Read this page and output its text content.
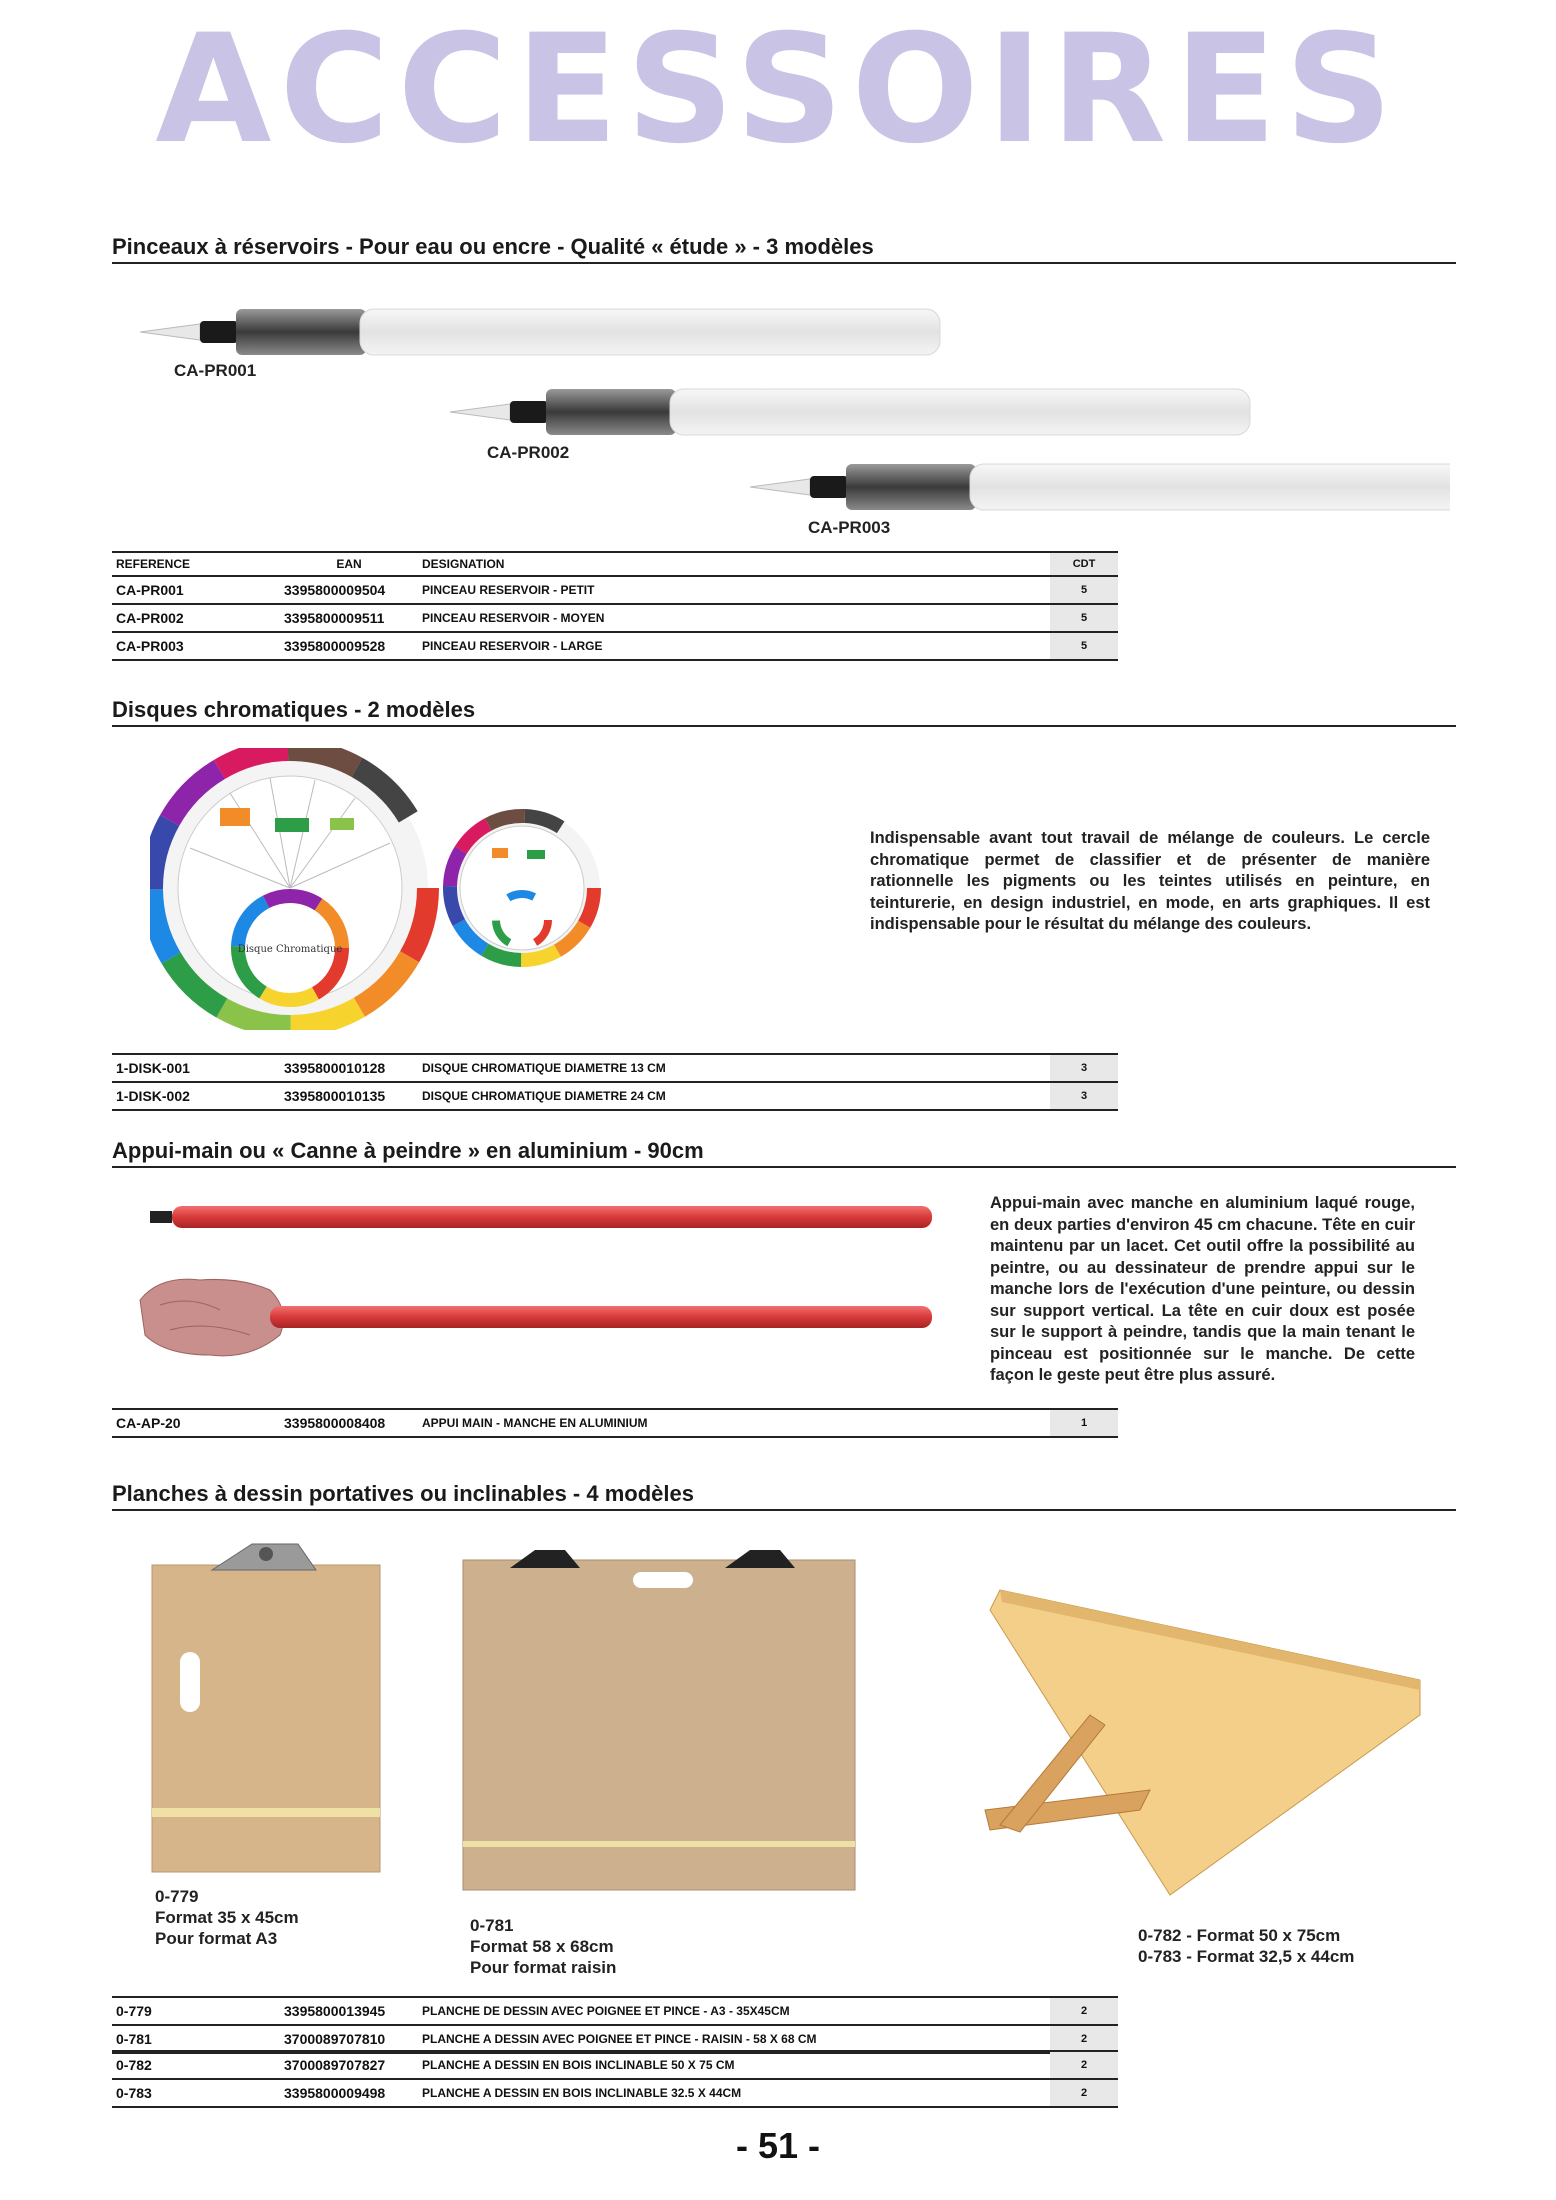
ACCESSOIRES
Pinceaux à réservoirs - Pour eau ou encre - Qualité « étude » - 3 modèles
CA-PR001
CA-PR002
CA-PR003
REFERENCE	EAN	DESIGNATION	CDT
CA-PR001	3395800009504	PINCEAU RESERVOIR - PETIT	5
CA-PR002	3395800009511	PINCEAU RESERVOIR - MOYEN	5
CA-PR003	3395800009528	PINCEAU RESERVOIR - LARGE	5
Disques chromatiques - 2 modèles
Disque Chromatique
Indispensable avant tout travail de mélange de couleurs. Le cercle chromatique permet de classifier et de présenter de manière rationnelle les pigments ou les teintes utilisés en peinture, en teinturerie, en design industriel, en mode, en arts graphiques. Il est indispensable pour le résultat du mélange des couleurs.
1-DISK-001	3395800010128	DISQUE CHROMATIQUE DIAMETRE 13 CM	3
1-DISK-002	3395800010135	DISQUE CHROMATIQUE DIAMETRE 24 CM	3
Appui-main ou « Canne à peindre » en aluminium - 90cm
Appui-main avec manche en aluminium laqué rouge, en deux parties d'environ 45 cm chacune. Tête en cuir maintenu par un lacet. Cet outil offre la possibilité au peintre, ou au dessinateur de prendre appui sur le manche lors de l'exécution d'une peinture, ou dessin sur support vertical. La tête en cuir doux est posée sur le support à peindre, tandis que la main tenant le pinceau est positionnée sur le manche. De cette façon le geste peut être plus assuré.
CA-AP-20	3395800008408	APPUI MAIN - MANCHE EN ALUMINIUM	1
Planches à dessin portatives ou inclinables - 4 modèles
0-779
Format 35 x 45cm
Pour format A3
0-781
Format 58 x 68cm
Pour format raisin
0-782 - Format 50 x 75cm
0-783 - Format 32,5 x 44cm
0-779	3395800013945	PLANCHE DE DESSIN AVEC POIGNEE ET PINCE - A3 - 35X45CM	2
0-781	3700089707810	PLANCHE A DESSIN AVEC POIGNEE ET PINCE - RAISIN - 58 X 68 CM	2
0-782	3700089707827	PLANCHE A DESSIN EN BOIS INCLINABLE 50 X 75 CM	2
0-783	3395800009498	PLANCHE A DESSIN EN BOIS INCLINABLE 32.5 X 44CM	2
- 51 -
